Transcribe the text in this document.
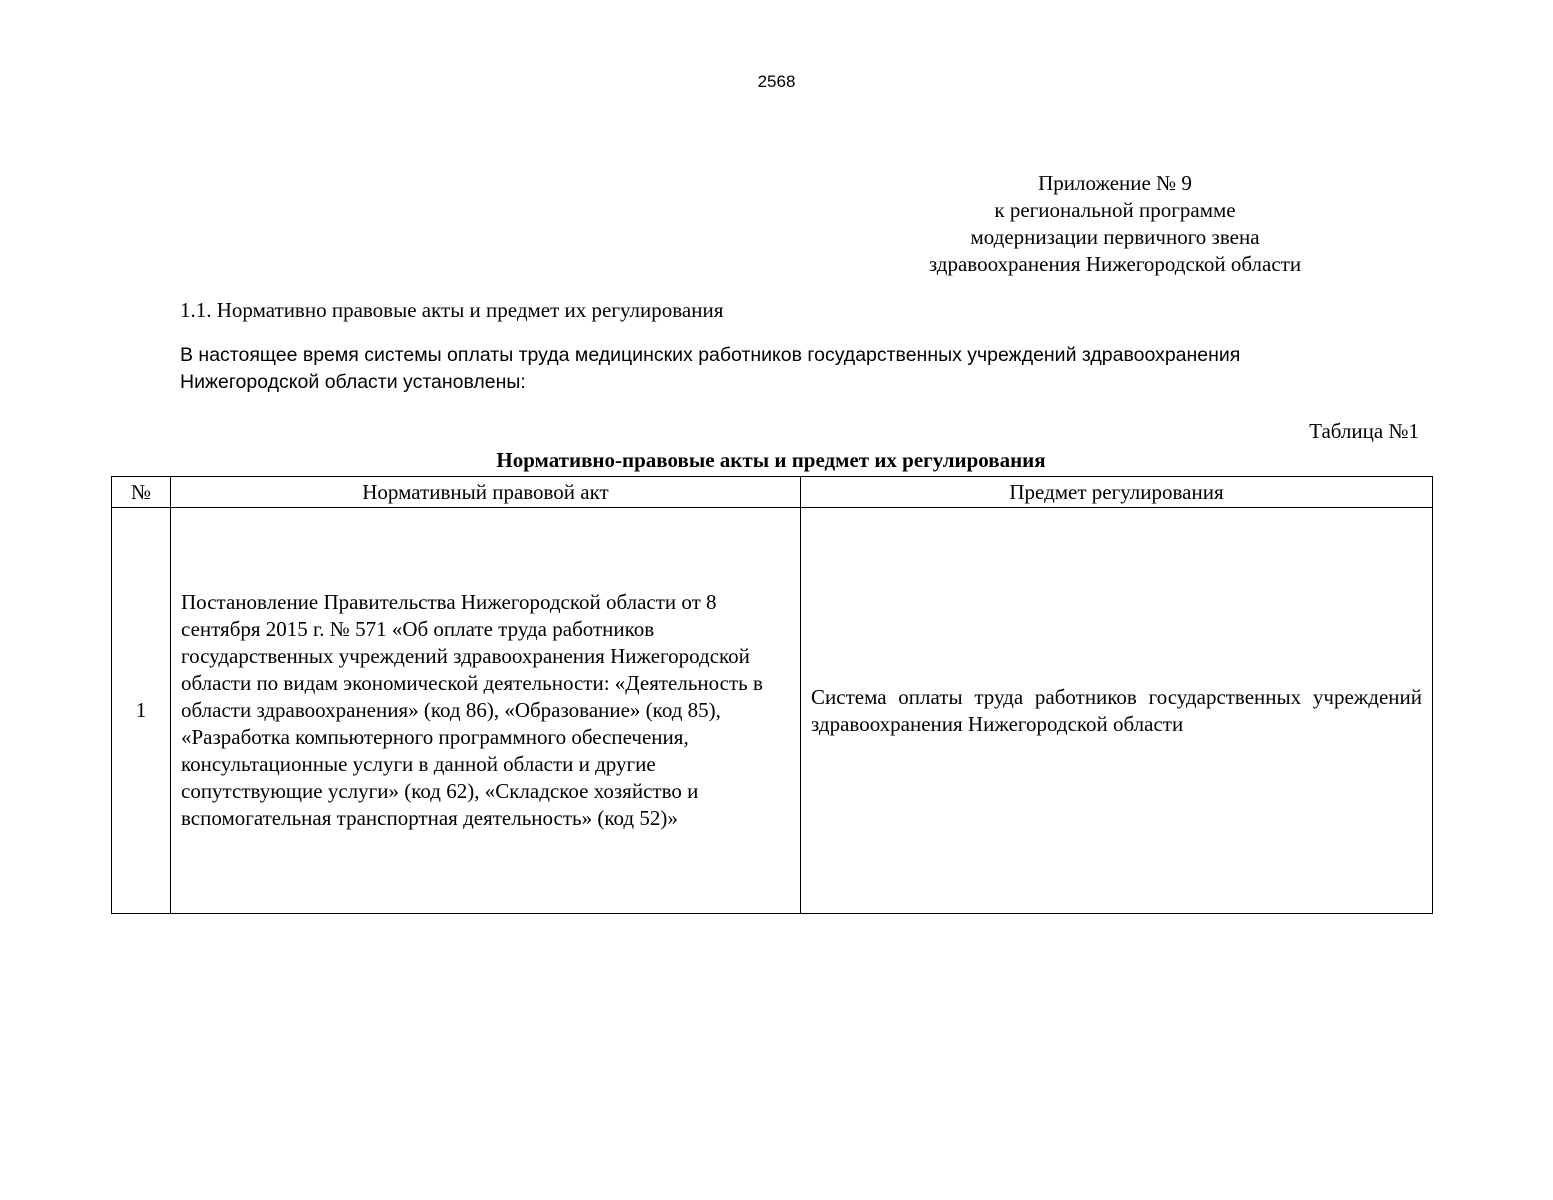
2568
Приложение № 9
к региональной программе
модернизации первичного звена
здравоохранения Нижегородской области
1.1. Нормативно правовые акты и предмет их регулирования
В настоящее время системы оплаты труда медицинских работников государственных учреждений здравоохранения Нижегородской области установлены:
Таблица №1
Нормативно-правовые акты и предмет их регулирования
№	Нормативный правовой акт	Предмет регулирования
1	Постановление Правительства Нижегородской области от 8 сентября 2015 г. № 571 «Об оплате труда работников государственных учреждений здравоохранения Нижегородской области по видам экономической деятельности: «Деятельность в области здравоохранения» (код 86), «Образование» (код 85), «Разработка компьютерного программного обеспечения, консультационные услуги в данной области и другие сопутствующие услуги» (код 62), «Складское хозяйство и вспомогательная транспортная деятельность» (код 52)»	Система оплаты труда работников государственных учреждений здравоохранения Нижегородской области
